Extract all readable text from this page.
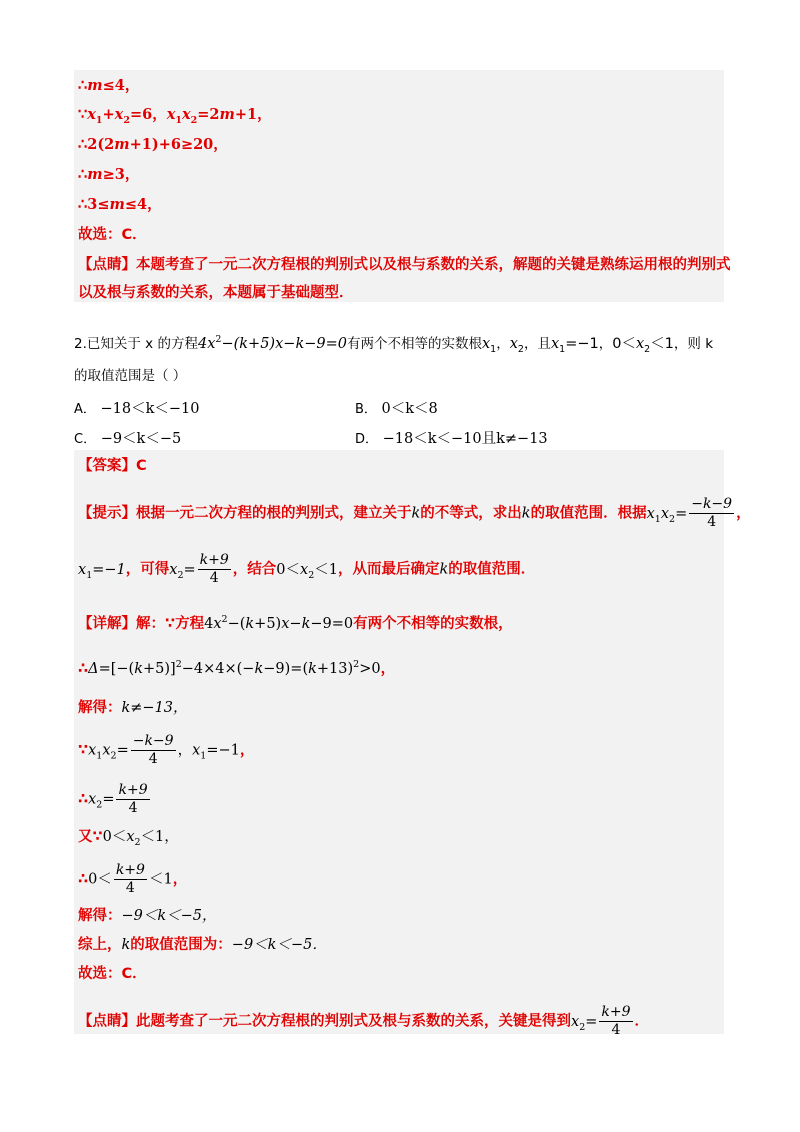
∴m≤4，
$\because x_1+x_2=6$，$x_1x_2=2m+1$，
∴2(2m+1)+6≥20，
∴m≥3，
∴3≤m≤4，
故选：C．
【点睛】本题考查了一元二次方程根的判别式以及根与系数的关系，解题的关键是熟练运用根的判别式
以及根与系数的关系，本题属于基础题型．
2.已知关于 x 的方程$4x^2-(k+5)x-k-9=0$有两个不相等的实数根$x_1$，$x_2$，且$x_1=-1$，$0<x_2<1$，则 k
的取值范围是（ ）
A． −18＜k＜−10	B． 0＜k＜8
C． −9＜k＜−5	D． −18＜k＜−10且k≠−13
【答案】C
【提示】根据一元二次方程的根的判别式，建立关于k的不等式，求出k的取值范围．根据$x_1x_2= \frac{-k-9}{4}$ ，
$x_1=-1$，可得$x_2= \frac{k+9}{4}$ ，结合$0<x_2<1$，从而最后确定k的取值范围．
【详解】解：∵方程$4x^2-(k+5)x-k-9=0$有两个不相等的实数根，
$\therefore\Delta=[-(k+5)]^2-4\times 4\times(-k-9)=(k+13)^2>0$，
解得：k≠−13，
$\because x_1x_2= \frac{-k-9}{4}$ ，$x_1=-1$，
$\therefore x_2= \frac{k+9}{4}$
又$\because 0<x_2<1$，
∴0＜ $\frac{k+9}{4} <1$，
解得：−9＜k＜−5，
综上，k的取值范围为：−9＜k＜−5．
故选：C．
【点睛】此题考查了一元二次方程根的判别式及根与系数的关系，关键是得到$x_2= \frac{k+9}{4}$ ．
